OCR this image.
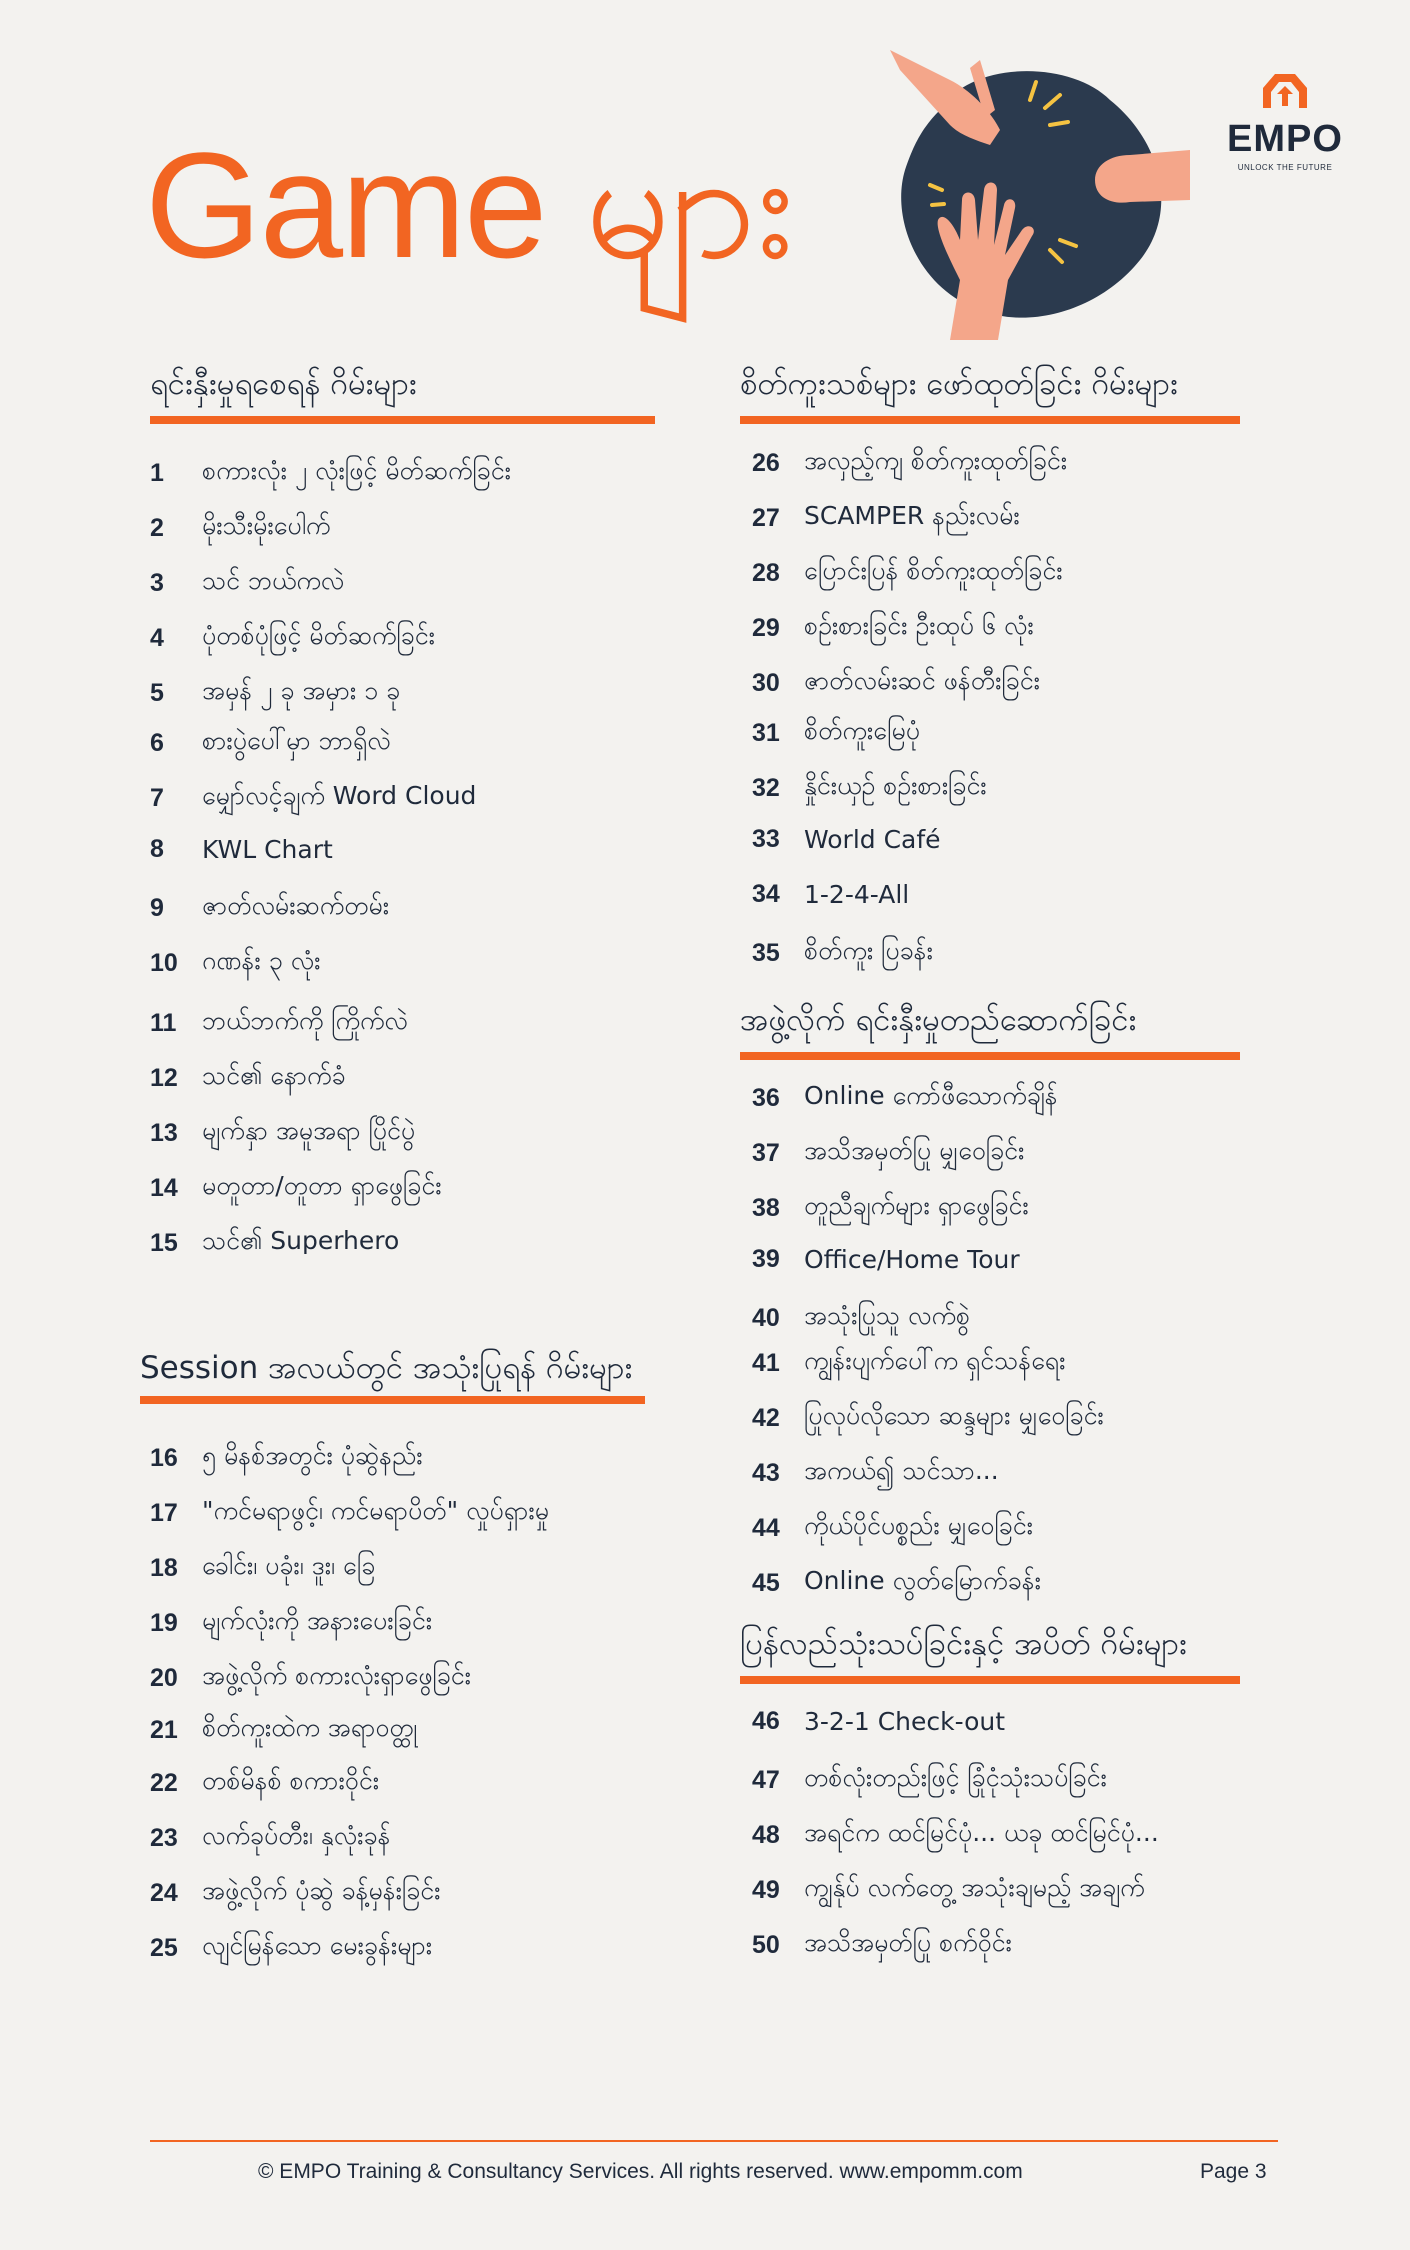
Game များ	EMPO
UNLOCK THE FUTURE
ရင်းနှီးမှုရစေရန် ဂိမ်းများ
1	စကားလုံး ၂ လုံးဖြင့် မိတ်ဆက်ခြင်း
2	မိုးသီးမိုးပေါက်
3	သင် ဘယ်ကလဲ
4	ပုံတစ်ပုံဖြင့် မိတ်ဆက်ခြင်း
5	အမှန် ၂ ခု အမှား ၁ ခု
6	စားပွဲပေါ်မှာ ဘာရှိလဲ
7	မျှော်လင့်ချက် Word Cloud
8	KWL Chart
9	ဇာတ်လမ်းဆက်တမ်း
10 ဂဏန်း ၃ လုံး
11	ဘယ်ဘက်ကို ကြိုက်လဲ
12 သင်၏ နောက်ခံ
13 မျက်နှာ အမူအရာ ပြိုင်ပွဲ
14 မတူတာ/တူတာ ရှာဖွေခြင်း
15 သင်၏ Superhero
Session အလယ်တွင် အသုံးပြုရန် ဂိမ်းများ
16 ၅ မိနစ်အတွင်း ပုံဆွဲနည်း
17 "ကင်မရာဖွင့်၊ ကင်မရာပိတ်" လှုပ်ရှားမှု
18 ခေါင်း၊ ပခုံး၊ ဒူး၊ ခြေ
19 မျက်လုံးကို အနားပေးခြင်း
20 အဖွဲ့လိုက် စကားလုံးရှာဖွေခြင်း
21 စိတ်ကူးထဲက အရာဝတ္ထု
22 တစ်မိနစ် စကားဝိုင်း
23 လက်ခုပ်တီး၊ နှလုံးခုန်
24 အဖွဲ့လိုက် ပုံဆွဲ ခန့်မှန်းခြင်း
25 လျင်မြန်သော မေးခွန်းများ
စိတ်ကူးသစ်များ ဖော်ထုတ်ခြင်း ဂိမ်းများ
26 အလှည့်ကျ စိတ်ကူးထုတ်ခြင်း
27 SCAMPER နည်းလမ်း
28 ပြောင်းပြန် စိတ်ကူးထုတ်ခြင်း
29 စဉ်းစားခြင်း ဦးထုပ် ၆ လုံး
30 ဇာတ်လမ်းဆင် ဖန်တီးခြင်း
31 စိတ်ကူးမြေပုံ
32 နှိုင်းယှဉ် စဉ်းစားခြင်း
33 World Café
34 1-2-4-All
35 စိတ်ကူး ပြခန်း
အဖွဲ့လိုက် ရင်းနှီးမှုတည်ဆောက်ခြင်း
36 Online ကော်ဖီသောက်ချိန်
37 အသိအမှတ်ပြု မျှဝေခြင်း
38 တူညီချက်များ ရှာဖွေခြင်း
39 Office/Home Tour
40 အသုံးပြုသူ လက်စွဲ
41 ကျွန်းပျက်ပေါ်က ရှင်သန်ရေး
42 ပြုလုပ်လိုသော ဆန္ဒများ မျှဝေခြင်း
43 အကယ်၍ သင်သာ...
44 ကိုယ်ပိုင်ပစ္စည်း မျှဝေခြင်း
45 Online လွတ်မြောက်ခန်း
ပြန်လည်သုံးသပ်ခြင်းနှင့် အပိတ် ဂိမ်းများ
46 3-2-1 Check-out
47 တစ်လုံးတည်းဖြင့် ခြုံငုံသုံးသပ်ခြင်း
48 အရင်က ထင်မြင်ပုံ... ယခု ထင်မြင်ပုံ...
49 ကျွန်ုပ် လက်တွေ့ အသုံးချမည့် အချက်
50 အသိအမှတ်ပြု စက်ဝိုင်း
© EMPO Training & Consultancy Services. All rights reserved. www.empomm.com	Page 3
